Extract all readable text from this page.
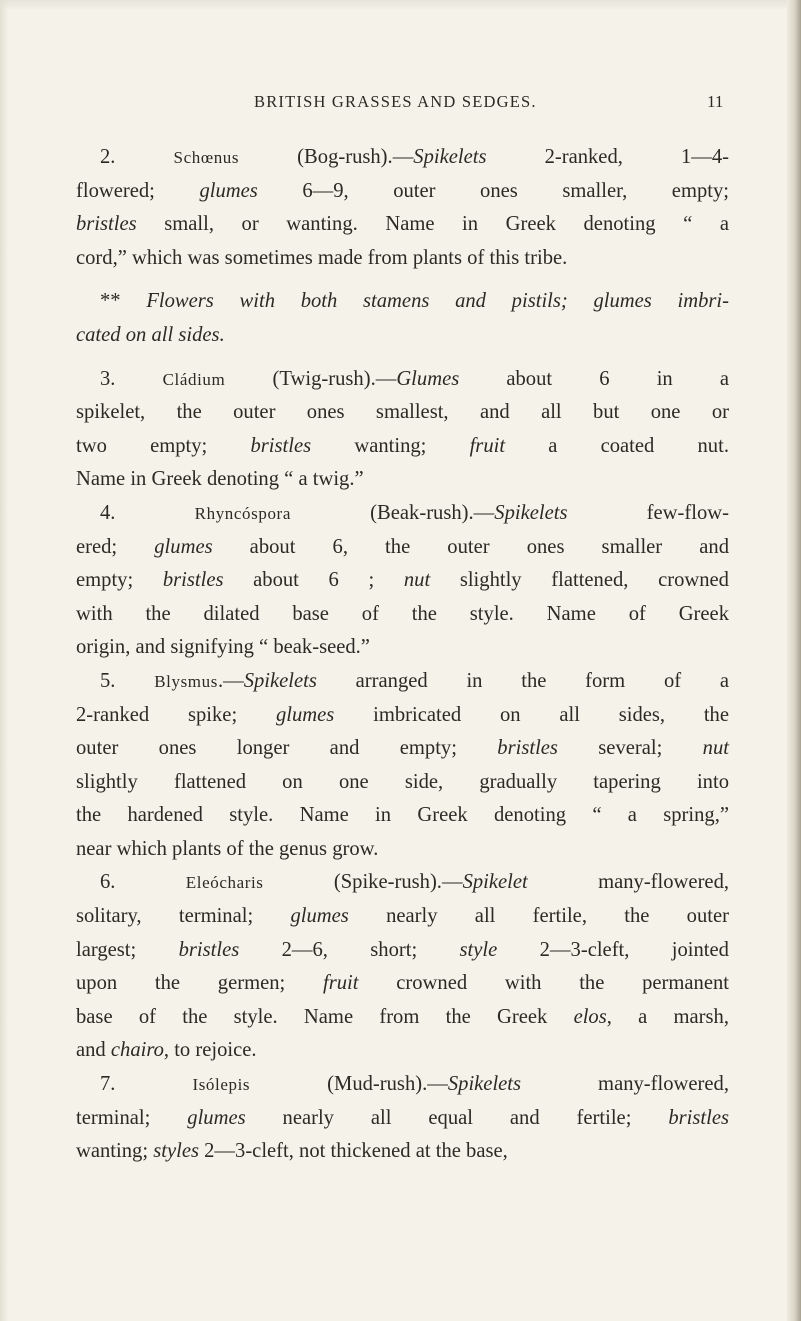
BRITISH GRASSES AND SEDGES.	11
2. Schœnus (Bog-rush).—Spikelets 2-ranked, 1—4-
flowered; glumes 6—9, outer ones smaller, empty;
bristles small, or wanting. Name in Greek denoting “ a
cord,” which was sometimes made from plants of this tribe.
** Flowers with both stamens and pistils; glumes imbri-
cated on all sides.
3. Cládium (Twig-rush).—Glumes about 6 in a
spikelet, the outer ones smallest, and all but one or
two empty; bristles wanting; fruit a coated nut.
Name in Greek denoting “ a twig.”
4. Rhyncóspora (Beak-rush).—Spikelets few-flow-
ered; glumes about 6, the outer ones smaller and
empty; bristles about 6 ; nut slightly flattened, crowned
with the dilated base of the style. Name of Greek
origin, and signifying “ beak-seed.”
5. Blysmus.—Spikelets arranged in the form of a
2-ranked spike; glumes imbricated on all sides, the
outer ones longer and empty; bristles several; nut
slightly flattened on one side, gradually tapering into
the hardened style. Name in Greek denoting “ a spring,”
near which plants of the genus grow.
6. Eleócharis (Spike-rush).—Spikelet many-flowered,
solitary, terminal; glumes nearly all fertile, the outer
largest; bristles 2—6, short; style 2—3-cleft, jointed
upon the germen; fruit crowned with the permanent
base of the style. Name from the Greek elos, a marsh,
and chairo, to rejoice.
7. Isólepis (Mud-rush).—Spikelets many-flowered,
terminal; glumes nearly all equal and fertile; bristles
wanting; styles 2—3-cleft, not thickened at the base,
